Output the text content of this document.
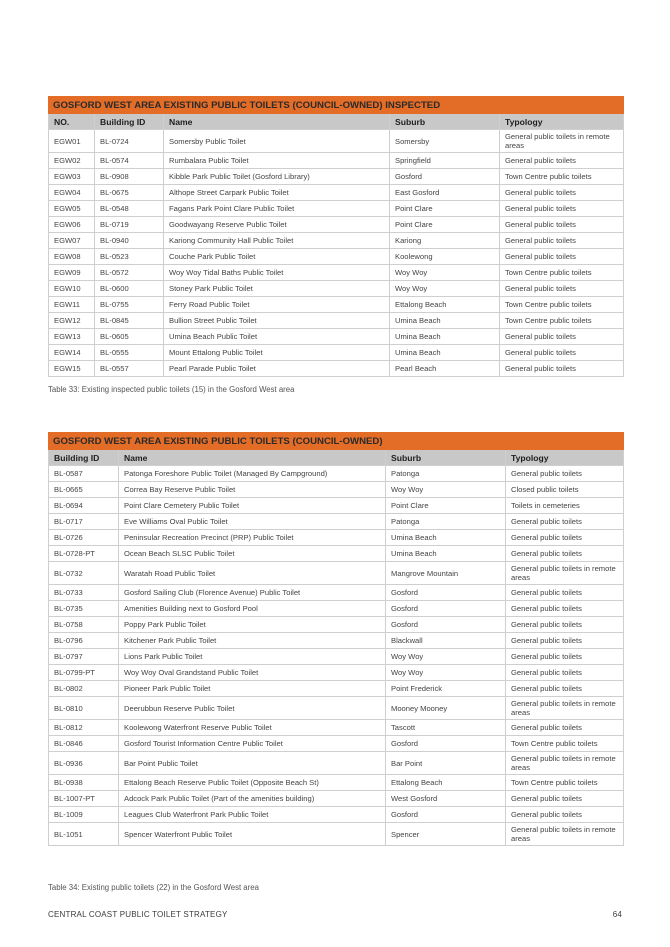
GOSFORD WEST AREA EXISTING PUBLIC TOILETS (COUNCIL-OWNED) INSPECTED				
NO.	Building ID	Name	Suburb	Typology
EGW01	BL-0724	Somersby Public Toilet	Somersby	General public toilets in remote areas
EGW02	BL-0574	Rumbalara Public Toilet	Springfield	General public toilets
EGW03	BL-0908	Kibble Park Public Toilet (Gosford Library)	Gosford	Town Centre public toilets
EGW04	BL-0675	Althope Street Carpark Public Toilet	East Gosford	General public toilets
EGW05	BL-0548	Fagans Park Point Clare Public Toilet	Point Clare	General public toilets
EGW06	BL-0719	Goodwayang Reserve Public Toilet	Point Clare	General public toilets
EGW07	BL-0940	Kariong Community Hall Public Toilet	Kariong	General public toilets
EGW08	BL-0523	Couche Park Public Toilet	Koolewong	General public toilets
EGW09	BL-0572	Woy Woy Tidal Baths Public Toilet	Woy Woy	Town Centre public toilets
EGW10	BL-0600	Stoney Park Public Toilet	Woy Woy	General public toilets
EGW11	BL-0755	Ferry Road Public Toilet	Ettalong Beach	Town Centre public toilets
EGW12	BL-0845	Bullion Street Public Toilet	Umina Beach	Town Centre public toilets
EGW13	BL-0605	Umina Beach Public Toilet	Umina Beach	General public toilets
EGW14	BL-0555	Mount Ettalong Public Toilet	Umina Beach	General public toilets
EGW15	BL-0557	Pearl Parade Public Toilet	Pearl Beach	General public toilets
Table 33: Existing inspected public toilets (15) in the Gosford West area
GOSFORD WEST AREA EXISTING PUBLIC TOILETS (COUNCIL-OWNED)			
Building ID	Name	Suburb	Typology
BL-0587	Patonga Foreshore Public Toilet (Managed By Campground)	Patonga	General public toilets
BL-0665	Correa Bay Reserve Public Toilet	Woy Woy	Closed public toilets
BL-0694	Point Clare Cemetery Public Toilet	Point Clare	Toilets in cemeteries
BL-0717	Eve Williams Oval Public Toilet	Patonga	General public toilets
BL-0726	Peninsular Recreation Precinct (PRP) Public Toilet	Umina Beach	General public toilets
BL-0728-PT	Ocean Beach SLSC Public Toilet	Umina Beach	General public toilets
BL-0732	Waratah Road Public Toilet	Mangrove Mountain	General public toilets in remote areas
BL-0733	Gosford Sailing Club (Florence Avenue) Public Toilet	Gosford	General public toilets
BL-0735	Amenities Building next to Gosford Pool	Gosford	General public toilets
BL-0758	Poppy Park Public Toilet	Gosford	General public toilets
BL-0796	Kitchener Park Public Toilet	Blackwall	General public toilets
BL-0797	Lions Park Public Toilet	Woy Woy	General public toilets
BL-0799-PT	Woy Woy Oval Grandstand Public Toilet	Woy Woy	General public toilets
BL-0802	Pioneer Park Public Toilet	Point Frederick	General public toilets
BL-0810	Deerubbun Reserve Public Toilet	Mooney Mooney	General public toilets in remote areas
BL-0812	Koolewong Waterfront Reserve Public Toilet	Tascott	General public toilets
BL-0846	Gosford Tourist Information Centre Public Toilet	Gosford	Town Centre public toilets
BL-0936	Bar Point Public Toilet	Bar Point	General public toilets in remote areas
BL-0938	Ettalong Beach Reserve Public Toilet (Opposite Beach St)	Ettalong Beach	Town Centre public toilets
BL-1007-PT	Adcock Park Public Toilet (Part of the amenities building)	West Gosford	General public toilets
BL-1009	Leagues Club Waterfront Park Public Toilet	Gosford	General public toilets
BL-1051	Spencer Waterfront Public Toilet	Spencer	General public toilets in remote areas
Table 34: Existing public toilets (22) in the Gosford West area
CENTRAL COAST PUBLIC TOILET STRATEGY	64
